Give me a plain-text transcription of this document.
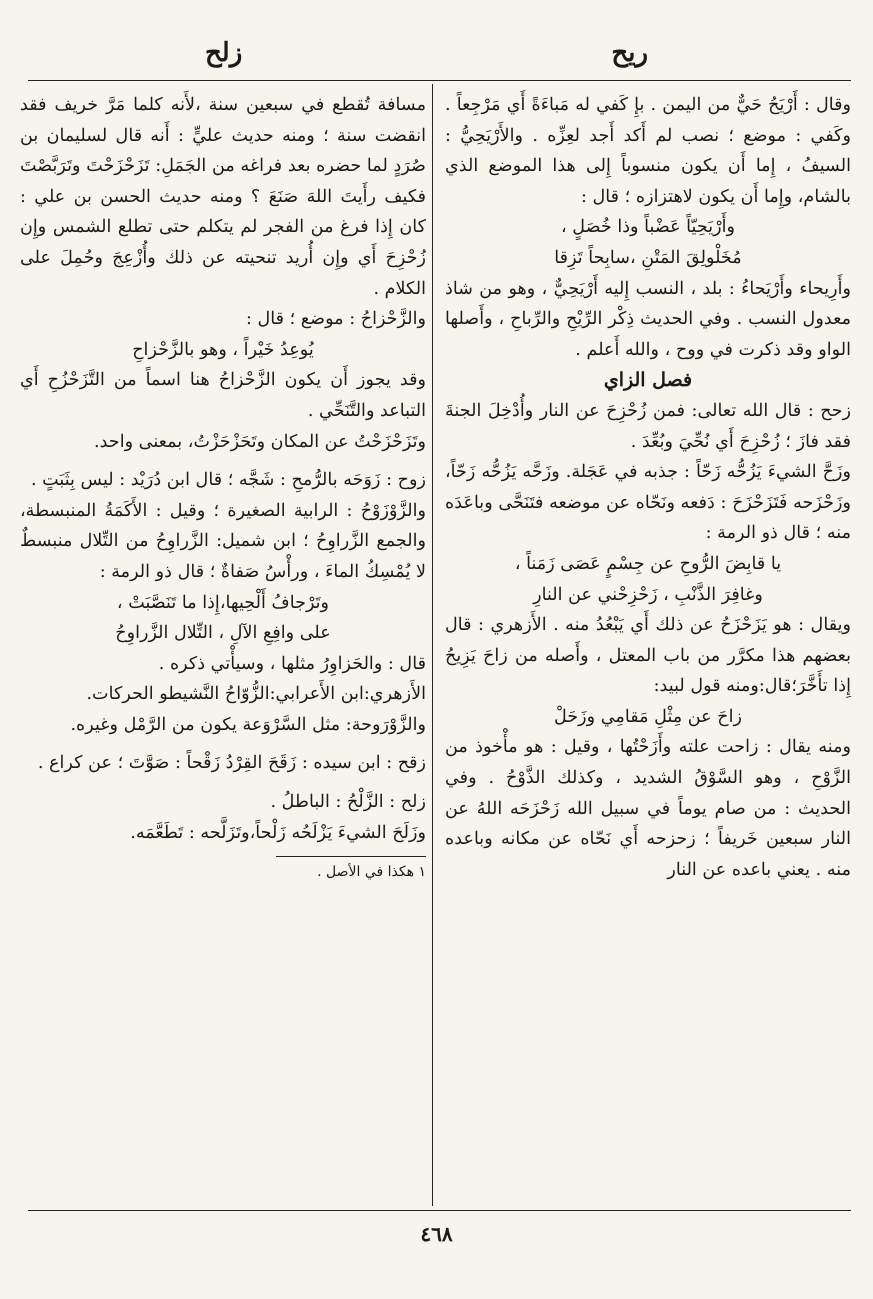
ريح
زلح

وقال : أَرْيَحُ حَيٌّ من اليمن . بإِ كَفي له مَباءَةً أَي مَرْجِعاً . وكَفي : موضع ؛ نصب لم أَكد أَجد لعِزِّه . والأَرْيَحِيُّ : السيفُ ، إِما أَن يكون منسوباً إِلى هذا الموضع الذي بالشام، وإِما أَن يكون لاهتزازه ؛ قال :

وأَرْيَحِيّاً عَضْباً وذا خُصَلٍ ،

مُخَلْولِقَ المَتْنِ ،سابِحاً تَزِقا

وأَرِيحاء وأَرْيَحاءُ : بلد ، النسب إِليه أَرْيَحِيٌّ ، وهو من شاذ معدول النسب . وفي الحديث ذِكْر الرِّيْحِ والرِّباحِ ، وأَصلها الواو وقد ذكرت في ووح ، والله أَعلم .

فصل الزاي

زحح : قال الله تعالى: فمن زُحْزِحَ عن النار وأُدْخِلَ الجنةَ فقد فازَ ؛ زُحْزِحَ أَي نُحِّيَ وبُعِّدَ .

وزَحَّ الشيءَ يَزُحُّه زَحّاً : جذبه في عَجَلة. وزَحَّه يَزُحُّه زَحّاً، وزَحْزَحه فَتَزَحْزَحَ : دَفعه ونَحّاه عن موضعه فتَنَحَّى وباعَدَه منه ؛ قال ذو الرمة :

يا قابِضَ الرُّوحِ عن جِسْمٍ عَصَى زَمَناً ،

وغافِرَ الذَّنْبِ ، زَحْزِحْني عن النارِ

ويقال : هو يَزَحْزَحُ عن ذلك أَي يَبْعُدُ منه . الأَزهري : قال بعضهم هذا مكرَّر من باب المعتل ، وأَصله من زاحَ يَزِيحُ إِذا تأَخَّرَ؛قال:ومنه قول لبيد:

زاحَ عن مِثْلِ مَقامِي وزَحَلْ

ومنه يقال : زاحت علته وأَزَحْتُها ، وقيل : هو مأْخوذ من الزَّوْحِ ، وهو السَّوْقُ الشديد ، وكذلك الذَّوْحُ . وفي الحديث : من صام يوماً في سبيل الله زَحْزَحَه اللهُ عن النار سبعين خَريفاً ؛ زحزحه أَي نَحّاه عن مكانه وباعده منه . يعني باعده عن النار

مسافة تُقطع في سبعين سنة ،لأَنه كلما مَرَّ خريف فقد انقضت سنة ؛ ومنه حديث عليٍّ : أَنه قال لسليمان بن صُرَدٍ لما حضره بعد فراغه من الجَمَلِ: تَزَحْزَحْتَ وتَرَبَّصْتَ فكيف رأَيتَ اللهَ صَنَعَ ؟ ومنه حديث الحسن بن علي : كان إِذا فرغ من الفجر لم يتكلم حتى تطلع الشمس وإِن زُحْزِحَ أَي وإِن أُريد تنحيته عن ذلك وأُزْعِجَ وحُمِلَ على الكلام .

والزَّحْزاحُ : موضع ؛ قال :

يُوعِدُ خَيْراً ، وهو بالزَّحْزاحِ

وقد يجوز أَن يكون الزَّحْزاحُ هنا اسماً من التَّزَحْزُحِ أَي التباعد والتَّنَحِّي .

وتَزَحْزَحْتُ عن المكان وتَحَزْحَزْتُ، بمعنى واحد.

زوح : زَوَحَه بالرُّمحِ : شَجَّه ؛ قال ابن دُرَيْد : ليس بِثَبَتٍ .

والزَّوْزَوْحُ : الرابية الصغيرة ؛ وقيل : الأَكَمَةُ المنبسطة، والجمع الزَّراوِحُ ؛ ابن شميل: الزَّراوِحُ من التِّلال منبسطٌ لا يُمْسِكُ الماءَ ، ورأْسُ صَفاةٌ ؛ قال ذو الرمة :

وتَرْجافُ أَلْحِيها،إِذا ما تَنَصَّبَتْ ،

على وافِعِ الآلِ ، التِّلال الزَّراوِحُ

قال : والحَزاوِرُ مثلها ، وسيأْتي ذكره .

الأَزهري:ابن الأَعرابي:الزُّوّاحُ النَّشيطو الحركات.

والزَّوْرَوحة: مثل السَّرْوَعة يكون من الرَّمْل وغيره.

زقح : ابن سيده : زَقَحَ القِرْدُ زَقْحاً : صَوَّتَ ؛ عن كراع .

زلح : الزَّلْحُ : الباطلُ .

وزَلَحَ الشيءَ يَزْلَحُه زَلْحاً،وتَزَلَّحه : تَطَعَّمَه.

١ هكذا في الأصل .

٤٦٨
